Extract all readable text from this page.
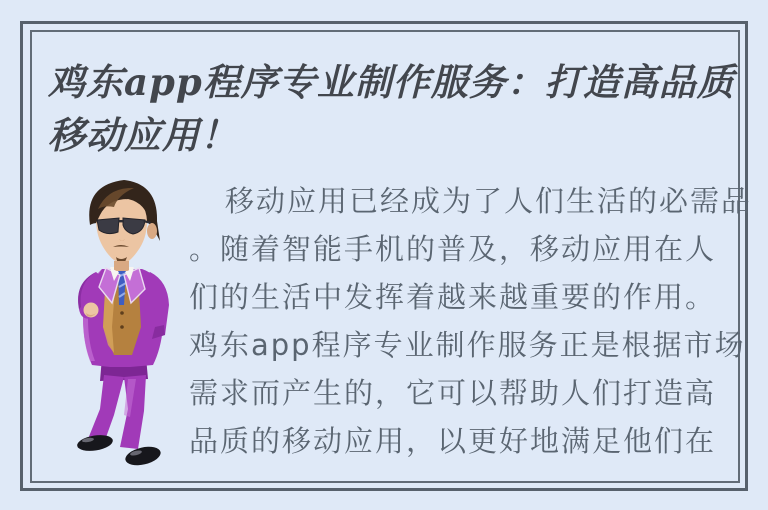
鸡东app程序专业制作服务：打造高品质
移动应用！
移动应用已经成为了人们生活的必需品
。随着智能手机的普及，移动应用在人
们的生活中发挥着越来越重要的作用。
鸡东app程序专业制作服务正是根据市场
需求而产生的，它可以帮助人们打造高
品质的移动应用，以更好地满足他们在
